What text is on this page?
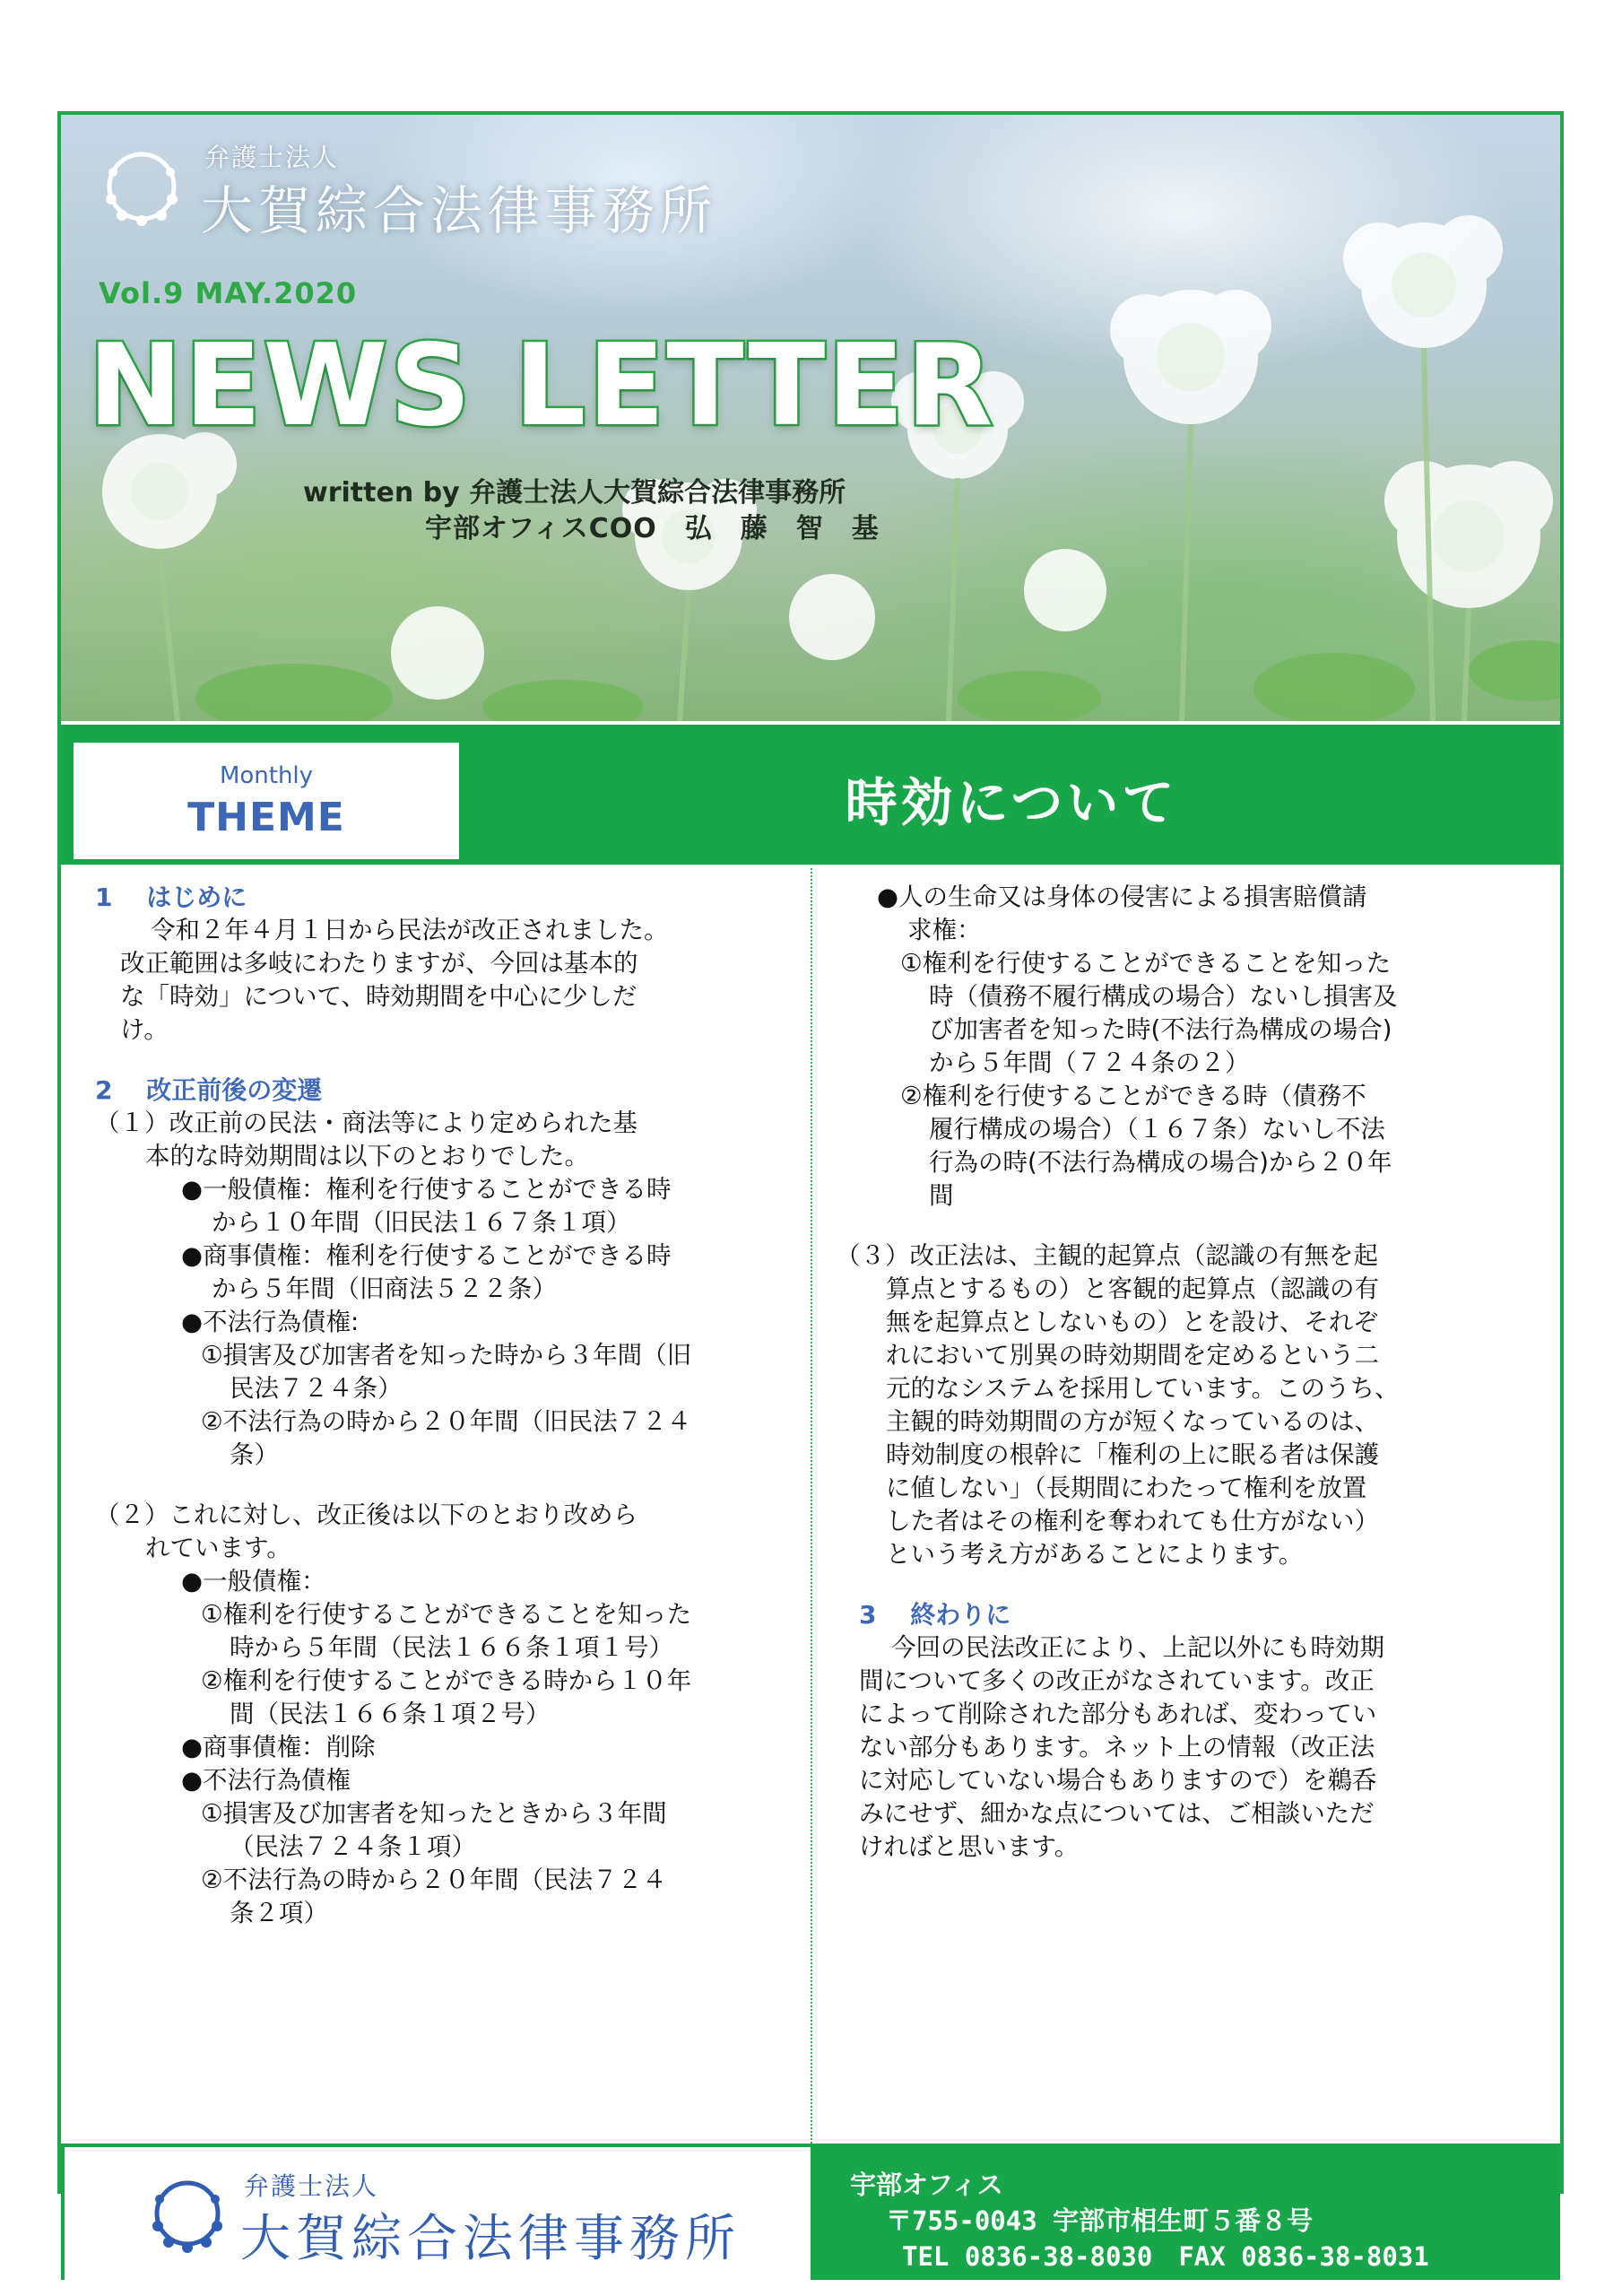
弁護士法人
大賀綜合法律事務所
Vol.9 MAY.2020
NEWS LETTER
written by 弁護士法人大賀綜合法律事務所
宇部オフィスCOO　弘　藤　智　基
Monthly
THEME	時効について
1　 はじめに
令和２年４月１日から民法が改正されました。
改正範囲は多岐にわたりますが、今回は基本的
な「時効」について、時効期間を中心に少しだ
け。
2　 改正前後の変遷
（１）改正前の民法・商法等により定められた基
本的な時効期間は以下のとおりでした。
●一般債権：権利を行使することができる時
から１０年間（旧民法１６７条１項）
●商事債権：権利を行使することができる時
から５年間（旧商法５２２条）
●不法行為債権:
①損害及び加害者を知った時から３年間（旧
民法７２４条）
②不法行為の時から２０年間（旧民法７２４
条）
（２）これに対し、改正後は以下のとおり改めら
れています。
●一般債権：
①権利を行使することができることを知った
時から５年間（民法１６６条１項１号）
②権利を行使することができる時から１０年
間（民法１６６条１項２号）
●商事債権：削除
●不法行為債権
①損害及び加害者を知ったときから３年間
（民法７２４条１項）
②不法行為の時から２０年間（民法７２４
条２項）
●人の生命又は身体の侵害による損害賠償請
求権：
①権利を行使することができることを知った
時（債務不履行構成の場合）ないし損害及
び加害者を知った時(不法行為構成の場合)
から５年間（７２４条の２）
②権利を行使することができる時（債務不
履行構成の場合）（１６７条）ないし不法
行為の時(不法行為構成の場合)から２０年
間
（３）改正法は、主観的起算点（認識の有無を起
算点とするもの）と客観的起算点（認識の有
無を起算点としないもの）とを設け、それぞ
れにおいて別異の時効期間を定めるという二
元的なシステムを採用しています。このうち、
主観的時効期間の方が短くなっているのは、
時効制度の根幹に「権利の上に眠る者は保護
に値しない」（長期間にわたって権利を放置
した者はその権利を奪われても仕方がない）
という考え方があることによります。
3　 終わりに
今回の民法改正により、上記以外にも時効期
間について多くの改正がなされています。改正
によって削除された部分もあれば、変わってい
ない部分もあります。ネット上の情報（改正法
に対応していない場合もありますので）を鵜呑
みにせず、細かな点については、ご相談いただ
ければと思います。
弁護士法人
大賀綜合法律事務所
宇部オフィス
〒755-0043 宇部市相生町５番８号
TEL 0836-38-8030　FAX 0836-38-8031
